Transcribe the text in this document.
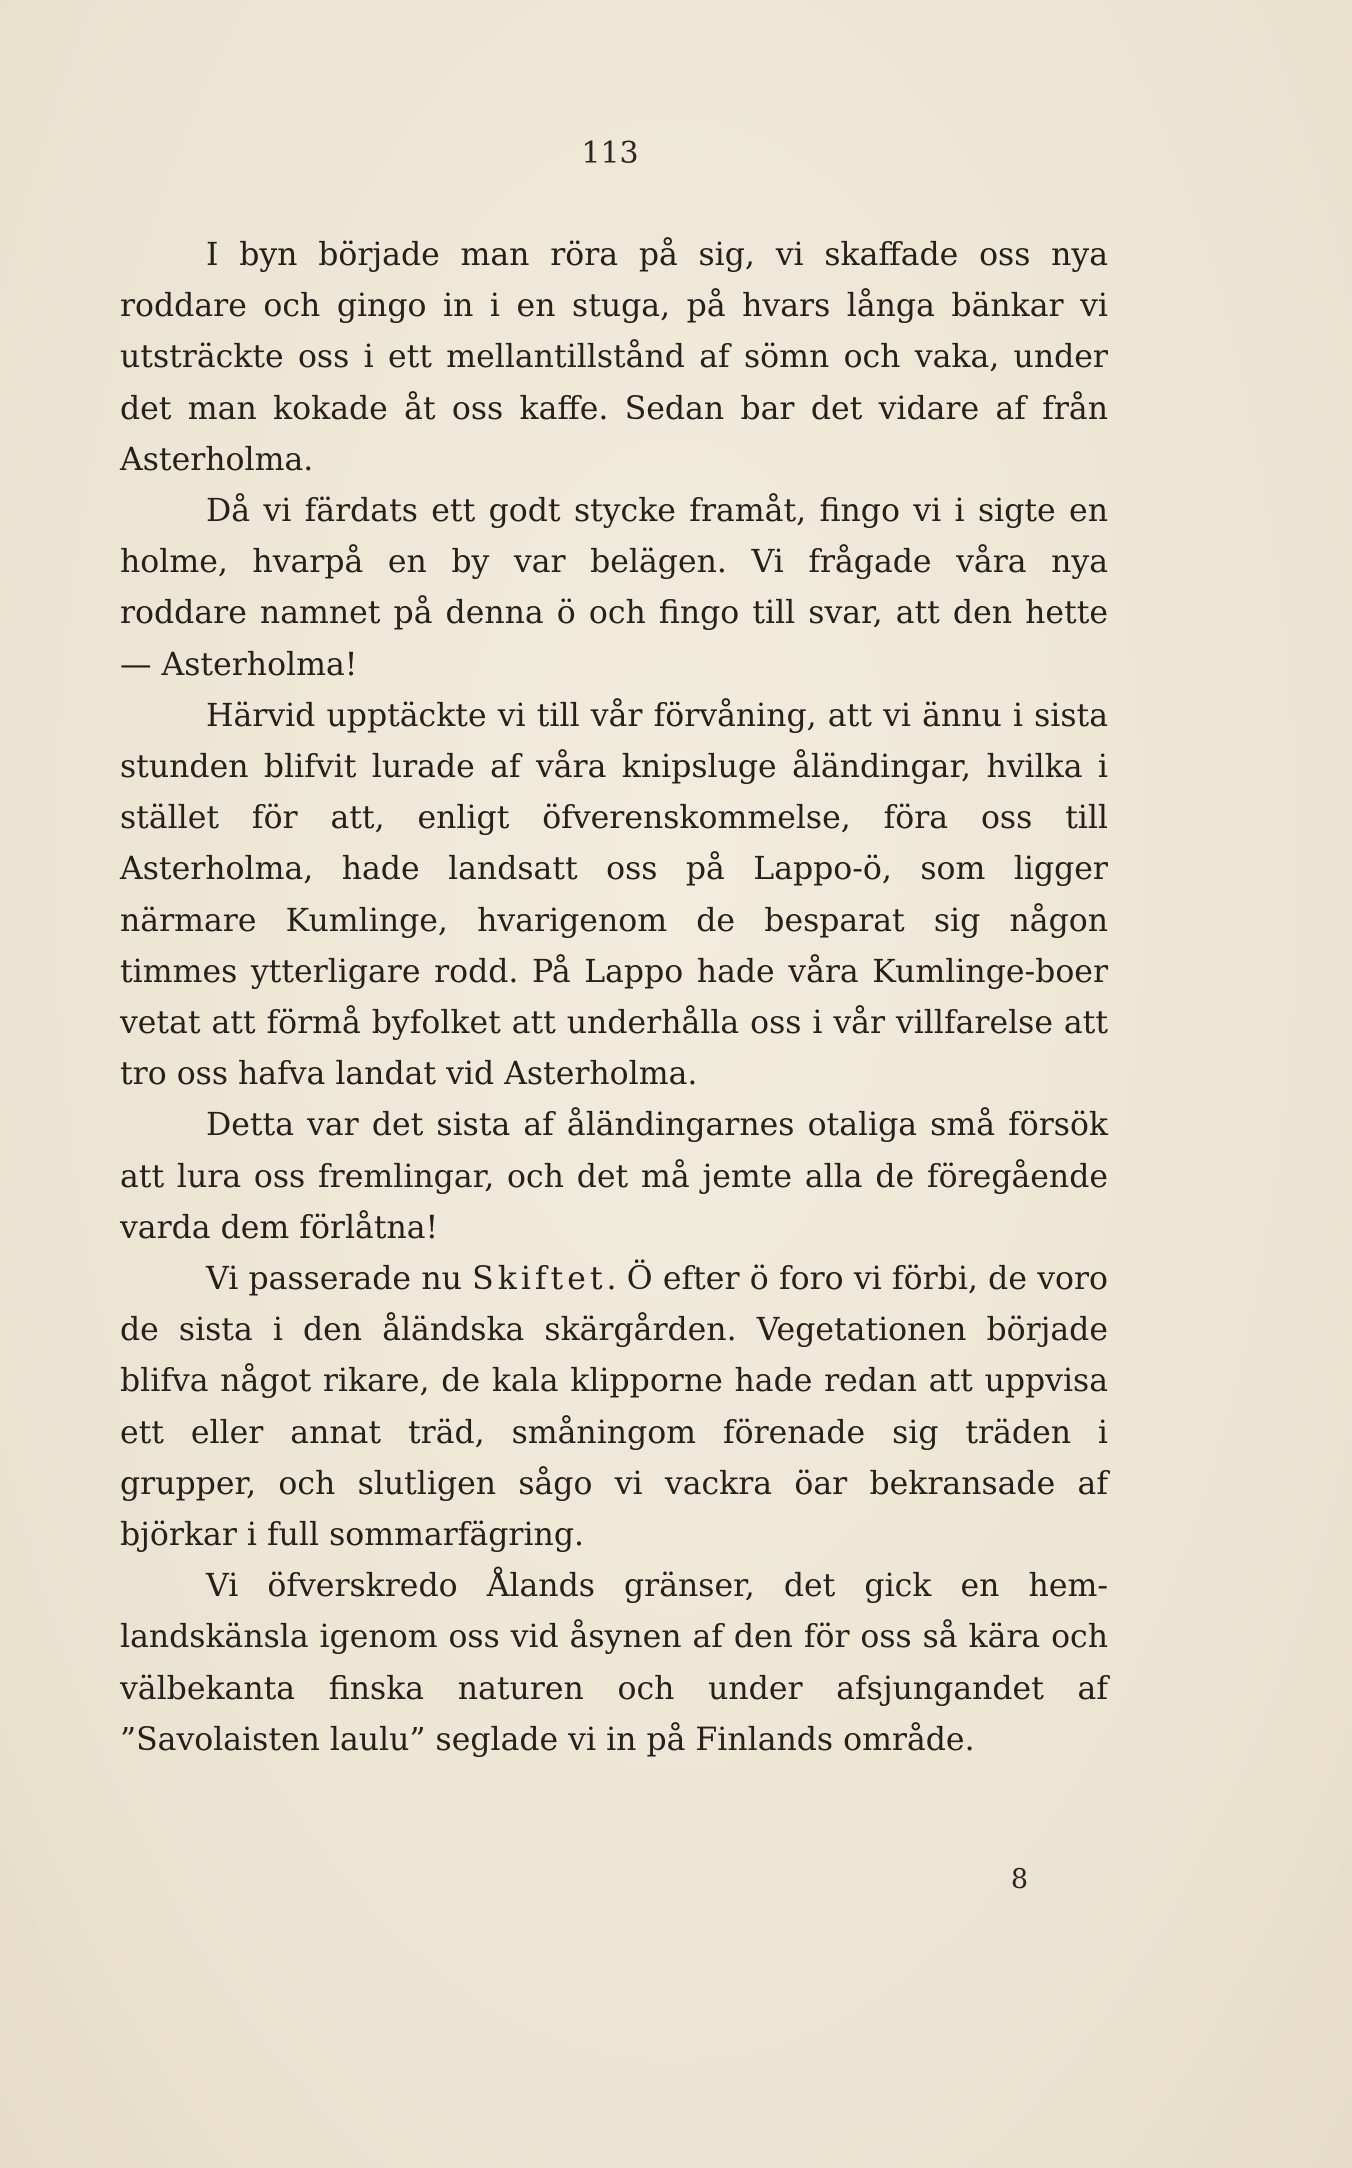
113

I byn började man röra på sig, vi skaffade oss nya roddare och gingo in i en stuga, på hvars långa bänkar vi utsträckte oss i ett mellantillstånd af sömn och vaka, under det man kokade åt oss kaffe. Sedan bar det vidare af från Asterholma.

Då vi färdats ett godt stycke framåt, fingo vi i sigte en holme, hvarpå en by var belägen. Vi frågade våra nya roddare namnet på denna ö och fingo till svar, att den hette — Asterholma!

Härvid upptäckte vi till vår förvåning, att vi ännu i sista stunden blifvit lurade af våra knipsluge åländingar, hvilka i stället för att, enligt öfverenskommelse, föra oss till Asterholma, hade landsatt oss på Lappo-ö, som ligger närmare Kumlinge, hvarigenom de besparat sig någon timmes ytterligare rodd. På Lappo hade våra Kumlinge-boer vetat att förmå byfolket att underhålla oss i vår villfarelse att tro oss hafva landat vid Asterholma.

Detta var det sista af åländingarnes otaliga små försök att lura oss fremlingar, och det må jemte alla de föregående varda dem förlåtna!

Vi passerade nu Skiftet. Ö efter ö foro vi förbi, de voro de sista i den åländska skärgården. Vegetationen började blifva något rikare, de kala klipporne hade redan att uppvisa ett eller annat träd, småningom förenade sig träden i grupper, och slutligen sågo vi vackra öar bekransade af björkar i full sommarfägring.

Vi öfverskredo Ålands gränser, det gick en hemlandskänsla igenom oss vid åsynen af den för oss så kära och välbekanta finska naturen och under afsjungandet af ”Savolaisten laulu” seglade vi in på Finlands område.

8
